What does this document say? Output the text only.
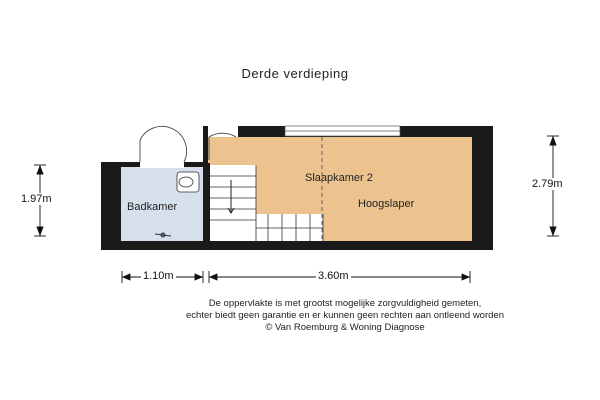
Derde verdieping
1.97m
2.79m
1.10m	3.60m
Badkamer
Slaapkamer 2
Hoogslaper
De oppervlakte is met grootst mogelijke zorgvuldigheid gemeten,
echter biedt geen garantie en er kunnen geen rechten aan ontleend worden
© Van Roemburg & Woning Diagnose
